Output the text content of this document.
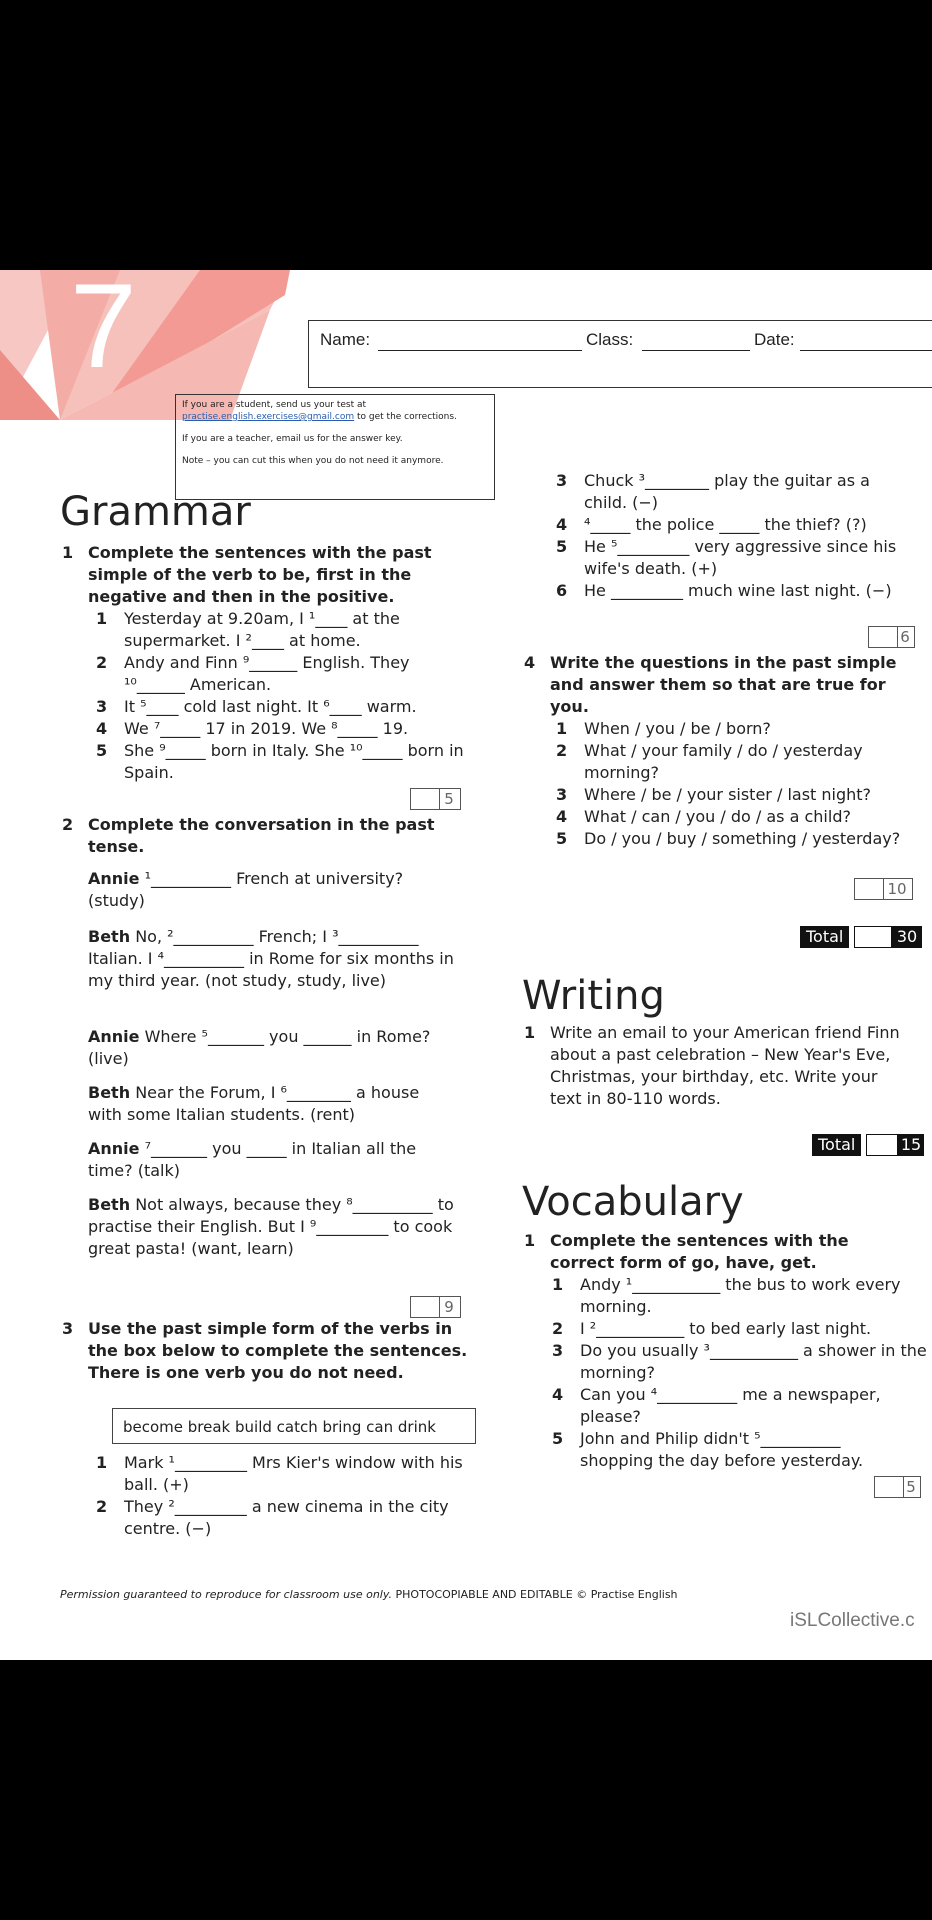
7	Name:	Class:	Date:

If you are a student, send us your test at practise.english.exercises@gmail.com to get the corrections.

If you are a teacher, email us for the answer key.

Note – you can cut this when you do not need it anymore.

Grammar
1 Complete the sentences with the past simple of the verb to be, first in the negative and then in the positive.
1 Yesterday at 9.20am, I ¹____ at the supermarket. I ²____ at home.
2 Andy and Finn ⁹______ English. They ¹⁰______ American.
3 It ⁵____ cold last night. It ⁶____ warm.
4 We ⁷_____ 17 in 2019. We ⁸_____ 19.
5 She ⁹_____ born in Italy. She ¹⁰_____ born in Spain.
5
2 Complete the conversation in the past tense.
Annie ¹__________ French at university? (study)
Beth No, ²__________ French; I ³__________ Italian. I ⁴__________ in Rome for six months in my third year. (not study, study, live)
Annie Where ⁵_______ you ______ in Rome? (live)
Beth Near the Forum, I ⁶________ a house with some Italian students. (rent)
Annie ⁷_______ you _____ in Italian all the time? (talk)
Beth Not always, because they ⁸__________ to practise their English. But I ⁹_________ to cook great pasta! (want, learn)
9
3 Use the past simple form of the verbs in the box below to complete the sentences. There is one verb you do not need.
become break build catch bring can drink
1 Mark ¹_________ Mrs Kier's window with his ball. (+)
2 They ²_________ a new cinema in the city centre. (−)
3 Chuck ³________ play the guitar as a child. (−)
4 ⁴_____ the police _____ the thief? (?)
5 He ⁵_________ very aggressive since his wife's death. (+)
6 He _________ much wine last night. (−)
6
4 Write the questions in the past simple and answer them so that are true for you.
1 When / you / be / born?
2 What / your family / do / yesterday morning?
3 Where / be / your sister / last night?
4 What / can / you / do / as a child?
5 Do / you / buy / something / yesterday?
10
Total	30
Writing
1 Write an email to your American friend Finn about a past celebration – New Year's Eve, Christmas, your birthday, etc. Write your text in 80-110 words.
Total	15
Vocabulary
1 Complete the sentences with the correct form of go, have, get.
1 Andy ¹___________ the bus to work every morning.
2 I ²___________ to bed early last night.
3 Do you usually ³___________ a shower in the morning?
4 Can you ⁴__________ me a newspaper, please?
5 John and Philip didn't ⁵__________ shopping the day before yesterday.
5
Permission guaranteed to reproduce for classroom use only. PHOTOCOPIABLE AND EDITABLE © Practise English
iSLCollective.c
